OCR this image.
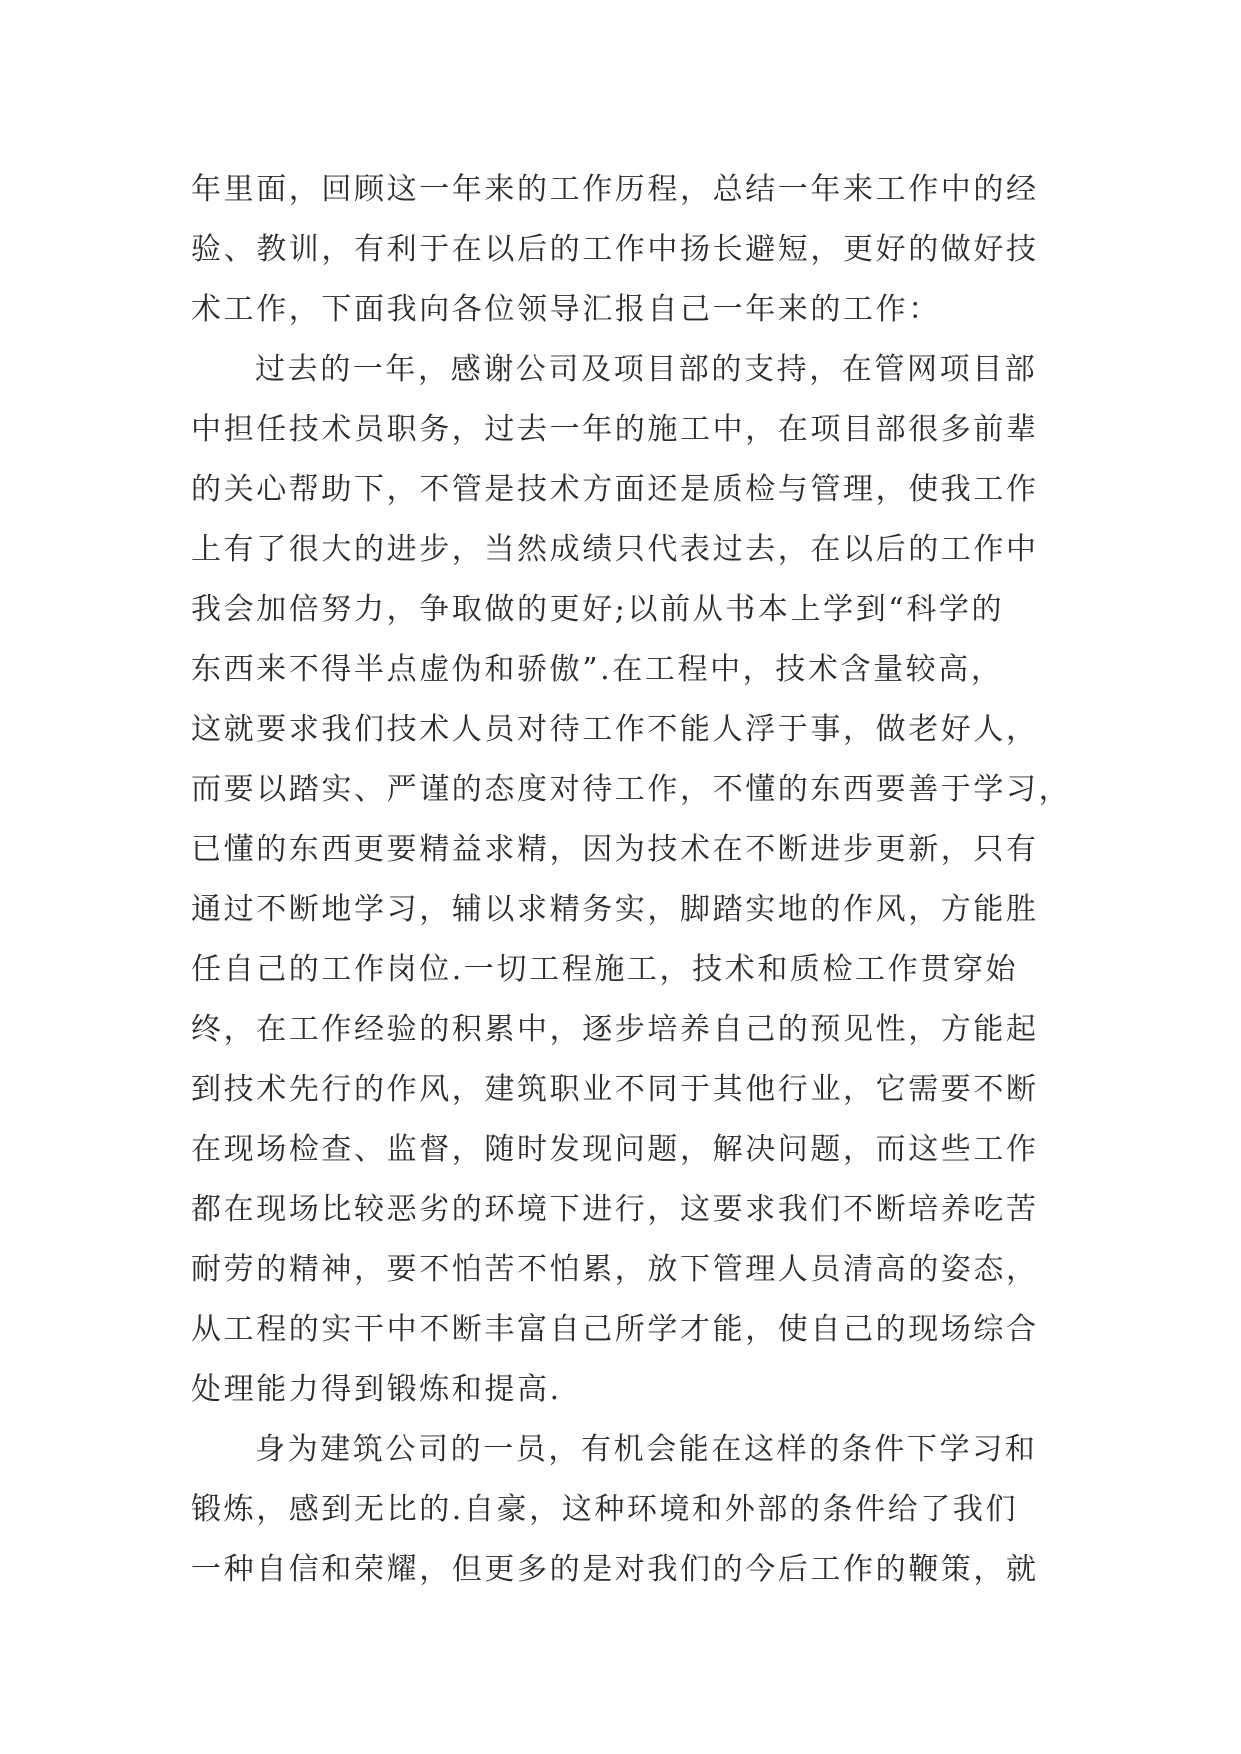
年里面，回顾这一年来的工作历程，总结一年来工作中的经
验、教训，有利于在以后的工作中扬长避短，更好的做好技
术工作，下面我向各位领导汇报自己一年来的工作：
过去的一年，感谢公司及项目部的支持，在管网项目部
中担任技术员职务，过去一年的施工中，在项目部很多前辈
的关心帮助下，不管是技术方面还是质检与管理，使我工作
上有了很大的进步，当然成绩只代表过去，在以后的工作中
我会加倍努力，争取做的更好;以前从书本上学到“科学的
东西来不得半点虚伪和骄傲”.在工程中，技术含量较高，
这就要求我们技术人员对待工作不能人浮于事，做老好人，
而要以踏实、严谨的态度对待工作，不懂的东西要善于学习，
已懂的东西更要精益求精，因为技术在不断进步更新，只有
通过不断地学习，辅以求精务实，脚踏实地的作风，方能胜
任自己的工作岗位.一切工程施工，技术和质检工作贯穿始
终，在工作经验的积累中，逐步培养自己的预见性，方能起
到技术先行的作风，建筑职业不同于其他行业，它需要不断
在现场检查、监督，随时发现问题，解决问题，而这些工作
都在现场比较恶劣的环境下进行，这要求我们不断培养吃苦
耐劳的精神，要不怕苦不怕累，放下管理人员清高的姿态，
从工程的实干中不断丰富自己所学才能，使自己的现场综合
处理能力得到锻炼和提高.
身为建筑公司的一员，有机会能在这样的条件下学习和
锻炼，感到无比的.自豪，这种环境和外部的条件给了我们
一种自信和荣耀，但更多的是对我们的今后工作的鞭策，就
